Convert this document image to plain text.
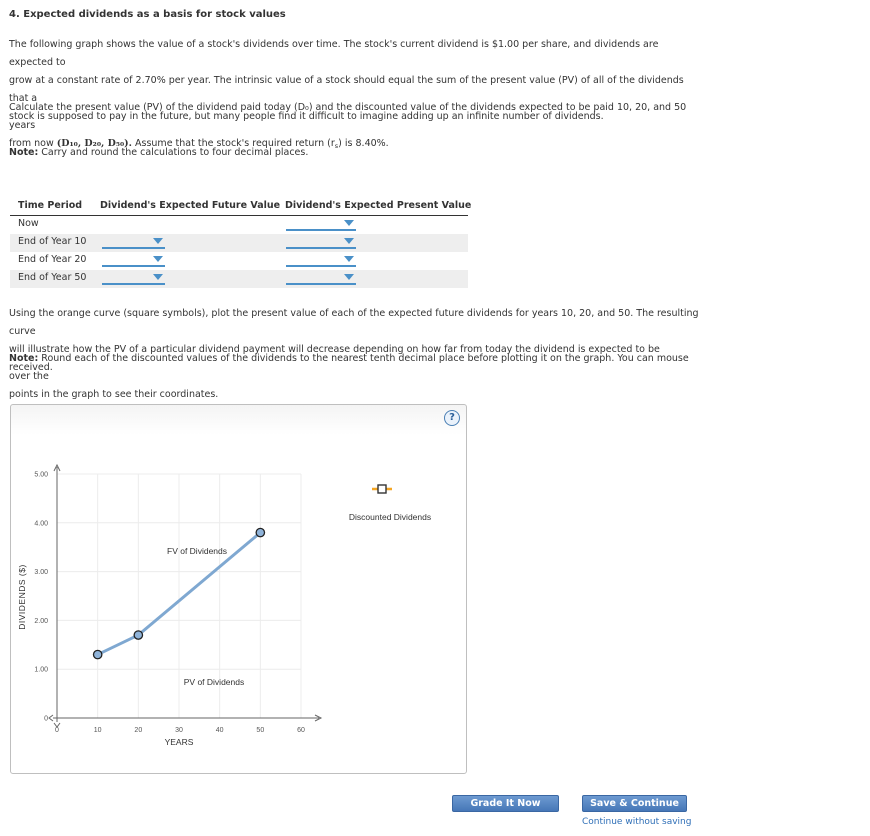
4. Expected dividends as a basis for stock values
The following graph shows the value of a stock's dividends over time. The stock's current dividend is $1.00 per share, and dividends are expected to
grow at a constant rate of 2.70% per year. The intrinsic value of a stock should equal the sum of the present value (PV) of all of the dividends that a
stock is supposed to pay in the future, but many people find it difficult to imagine adding up an infinite number of dividends.
Calculate the present value (PV) of the dividend paid today (D₀) and the discounted value of the dividends expected to be paid 10, 20, and 50 years
from now (D₁₀, D₂₀, D₅₀). Assume that the stock's required return $(r_s)$ is 8.40%.
Note: Carry and round the calculations to four decimal places.
Time Period Dividend's Expected Future Value Dividend's Expected Present Value
Now
End of Year 10
End of Year 20
End of Year 50
Using the orange curve (square symbols), plot the present value of each of the expected future dividends for years 10, 20, and 50. The resulting curve
will illustrate how the PV of a particular dividend payment will decrease depending on how far from today the dividend is expected to be received.
Note: Round each of the discounted values of the dividends to the nearest tenth decimal place before plotting it on the graph. You can mouse over the
points in the graph to see their coordinates.
?
0	10	20	30	40	50	60
0
1.00
2.00
3.00
4.00
5.00
DIVIDENDS ($)
YEARS
FV of Dividends
PV of Dividends
Discounted Dividends
Grade It Now	Save & Continue
Continue without saving
